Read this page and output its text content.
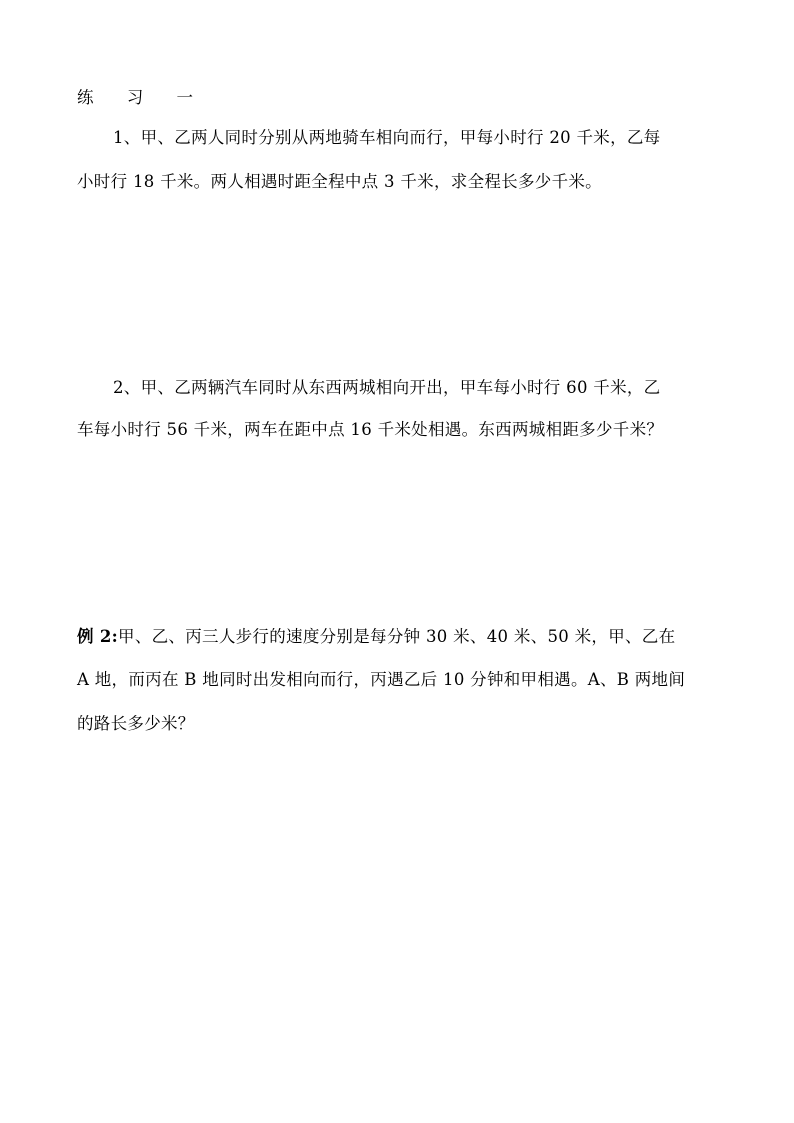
练 习 一
1、甲、乙两人同时分别从两地骑车相向而行，甲每小时行 20 千米，乙每
小时行 18 千米。两人相遇时距全程中点 3 千米，求全程长多少千米。
2、甲、乙两辆汽车同时从东西两城相向开出，甲车每小时行 60 千米，乙
车每小时行 56 千米，两车在距中点 16 千米处相遇。东西两城相距多少千米？
例 2:甲、乙、丙三人步行的速度分别是每分钟 30 米、40 米、50 米，甲、乙在
A 地，而丙在 B 地同时出发相向而行，丙遇乙后 10 分钟和甲相遇。A、B 两地间
的路长多少米？
